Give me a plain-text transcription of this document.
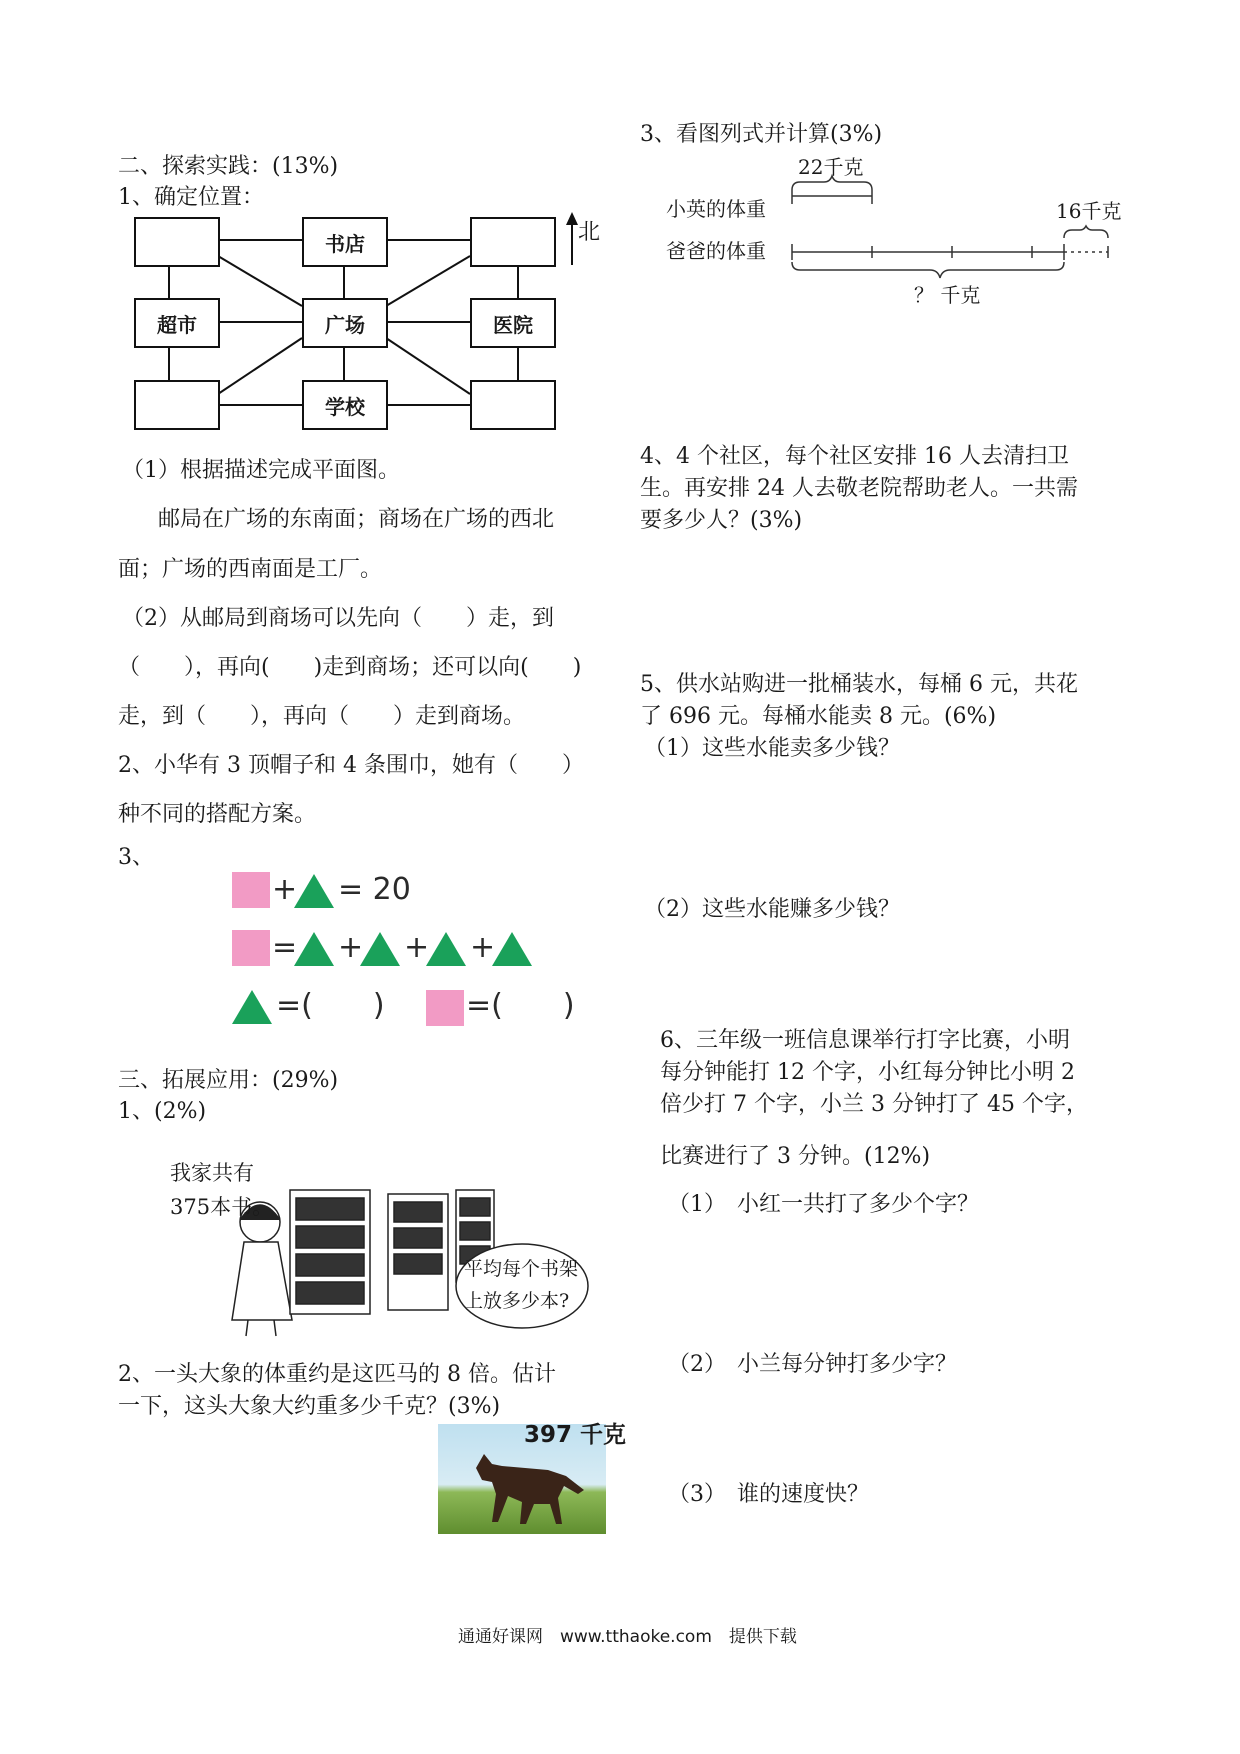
二、探索实践：(13%)
1、确定位置：
书店
超市	广场	医院
学校
北
（1）根据描述完成平面图。
邮局在广场的东南面；商场在广场的西北
面；广场的西南面是工厂。
（2）从邮局到商场可以先向（　　）走，到
（　　），再向(　　)走到商场；还可以向(　　)
走，到（　　），再向（　　）走到商场。
2、小华有 3 顶帽子和 4 条围巾，她有（　　）
种不同的搭配方案。
3、
+ = 20
= + + +
=(　　)	=(　　)
三、拓展应用：(29%)
1、(2%)
我家共有
375本书。
平均每个书架
上放多少本?
2、一头大象的体重约是这匹马的 8 倍。估计
一下，这头大象大约重多少千克？(3%)
397 千克
3、看图列式并计算(3%)
22千克
小英的体重	16千克
爸爸的体重
？ 千克
4、4 个社区，每个社区安排 16 人去清扫卫
生。再安排 24 人去敬老院帮助老人。一共需
要多少人？(3%)
5、供水站购进一批桶装水，每桶 6 元，共花
了 696 元。每桶水能卖 8 元。(6%)
（1）这些水能卖多少钱？
（2）这些水能赚多少钱？
6、三年级一班信息课举行打字比赛，小明
每分钟能打 12 个字，小红每分钟比小明 2
倍少打 7 个字，小兰 3 分钟打了 45 个字，
比赛进行了 3 分钟。(12%)
（1）　小红一共打了多少个字？
（2）　小兰每分钟打多少字？
（3）　谁的速度快？
通通好课网　www.tthaoke.com　提供下载
